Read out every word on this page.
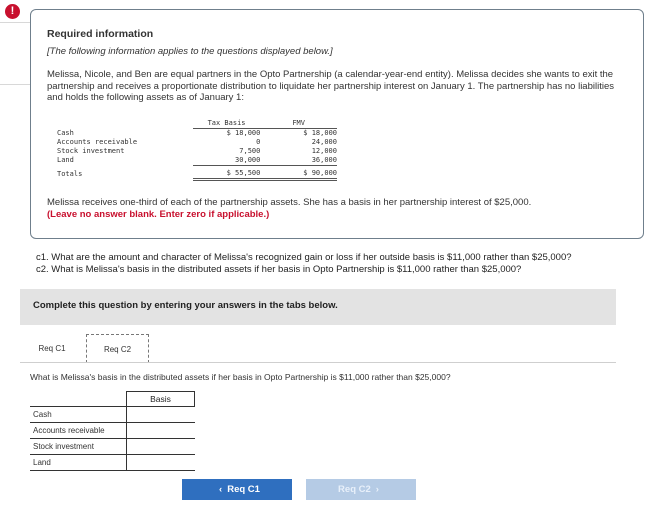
!
Required information
[The following information applies to the questions displayed below.]
Melissa, Nicole, and Ben are equal partners in the Opto Partnership (a calendar-year-end entity). Melissa decides she wants to exit the partnership and receives a proportionate distribution to liquidate her partnership interest on January 1. The partnership has no liabilities and holds the following assets as of January 1:
	Tax Basis	FMV
Cash	$ 18,000	$ 18,000
Accounts receivable	0	24,000
Stock investment	7,500	12,000
Land	30,000	36,000
Totals	$ 55,500	$ 90,000
Melissa receives one-third of each of the partnership assets. She has a basis in her partnership interest of $25,000.
(Leave no answer blank. Enter zero if applicable.)
c1. What are the amount and character of Melissa's recognized gain or loss if her outside basis is $11,000 rather than $25,000?
c2. What is Melissa's basis in the distributed assets if her basis in Opto Partnership is $11,000 rather than $25,000?
Complete this question by entering your answers in the tabs below.
Req C1	Req C2
What is Melissa's basis in the distributed assets if her basis in Opto Partnership is $11,000 rather than $25,000?
Basis
Cash
Accounts receivable
Stock investment
Land
‹ Req C1	Req C2 ›
